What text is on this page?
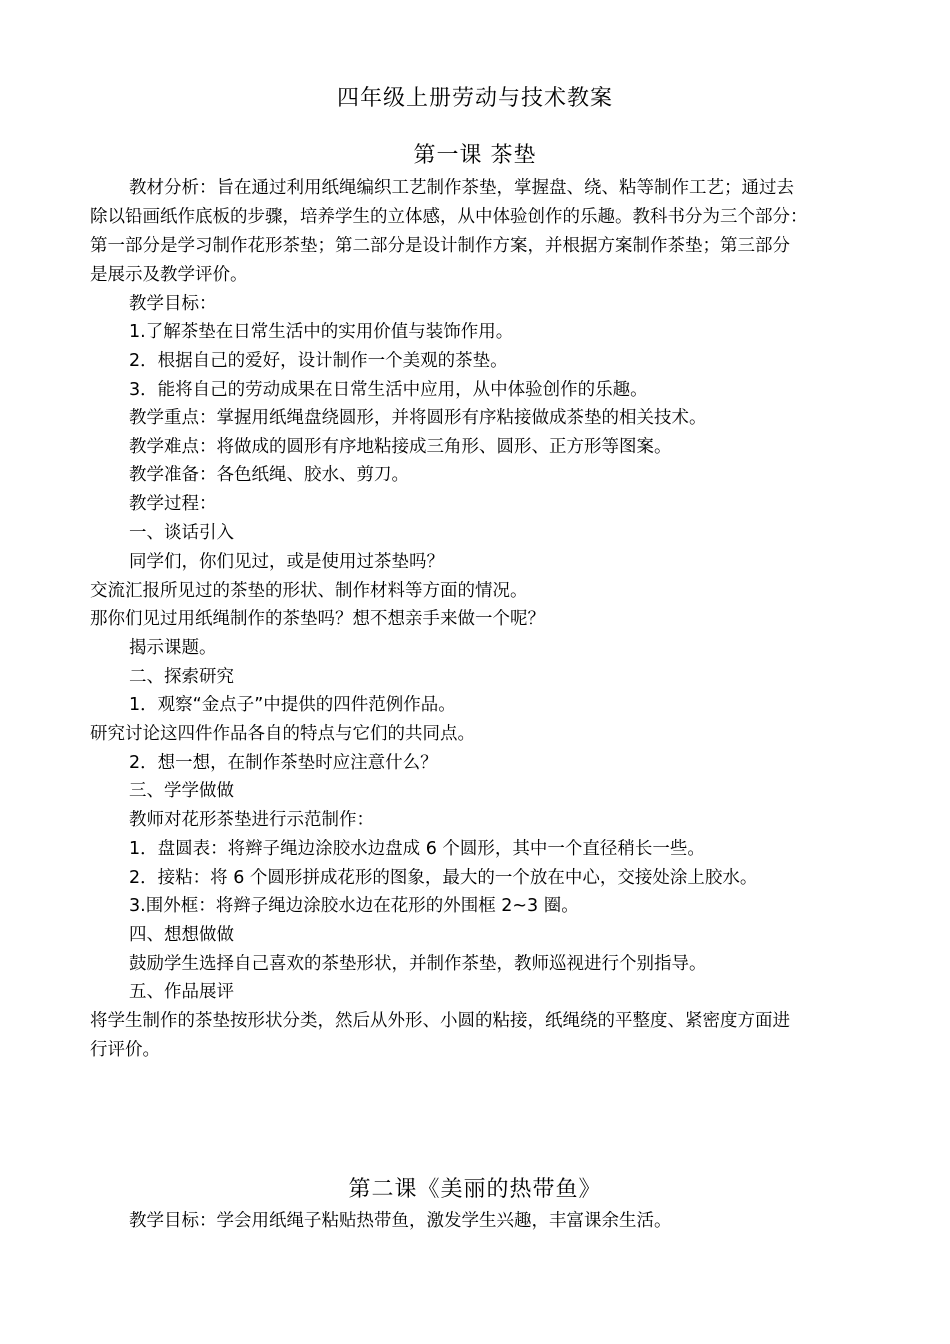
四年级上册劳动与技术教案
第一课 茶垫
教材分析：旨在通过利用纸绳编织工艺制作茶垫，掌握盘、绕、粘等制作工艺；通过去
除以铅画纸作底板的步骤，培养学生的立体感，从中体验创作的乐趣。教科书分为三个部分：
第一部分是学习制作花形茶垫；第二部分是设计制作方案，并根据方案制作茶垫；第三部分
是展示及教学评价。
教学目标：
1.了解茶垫在日常生活中的实用价值与装饰作用。
2．根据自己的爱好，设计制作一个美观的茶垫。
3．能将自己的劳动成果在日常生活中应用，从中体验创作的乐趣。
教学重点：掌握用纸绳盘绕圆形，并将圆形有序粘接做成茶垫的相关技术。
教学难点：将做成的圆形有序地粘接成三角形、圆形、正方形等图案。
教学准备：各色纸绳、胶水、剪刀。
教学过程：
一、谈话引入
同学们，你们见过，或是使用过茶垫吗？
交流汇报所见过的茶垫的形状、制作材料等方面的情况。
那你们见过用纸绳制作的茶垫吗？想不想亲手来做一个呢？
揭示课题。
二、探索研究
1．观察“金点子”中提供的四件范例作品。
研究讨论这四件作品各自的特点与它们的共同点。
2．想一想，在制作茶垫时应注意什么？
三、学学做做
教师对花形茶垫进行示范制作：
1．盘圆表：将辫子绳边涂胶水边盘成 6 个圆形，其中一个直径稍长一些。
2．接粘：将 6 个圆形拼成花形的图象，最大的一个放在中心，交接处涂上胶水。
3.围外框：将辫子绳边涂胶水边在花形的外围框 2~3 圈。
四、想想做做
鼓励学生选择自己喜欢的茶垫形状，并制作茶垫，教师巡视进行个别指导。
五、作品展评
将学生制作的茶垫按形状分类，然后从外形、小圆的粘接，纸绳绕的平整度、紧密度方面进
行评价。
第二课《美丽的热带鱼》
教学目标：学会用纸绳子粘贴热带鱼，激发学生兴趣，丰富课余生活。
